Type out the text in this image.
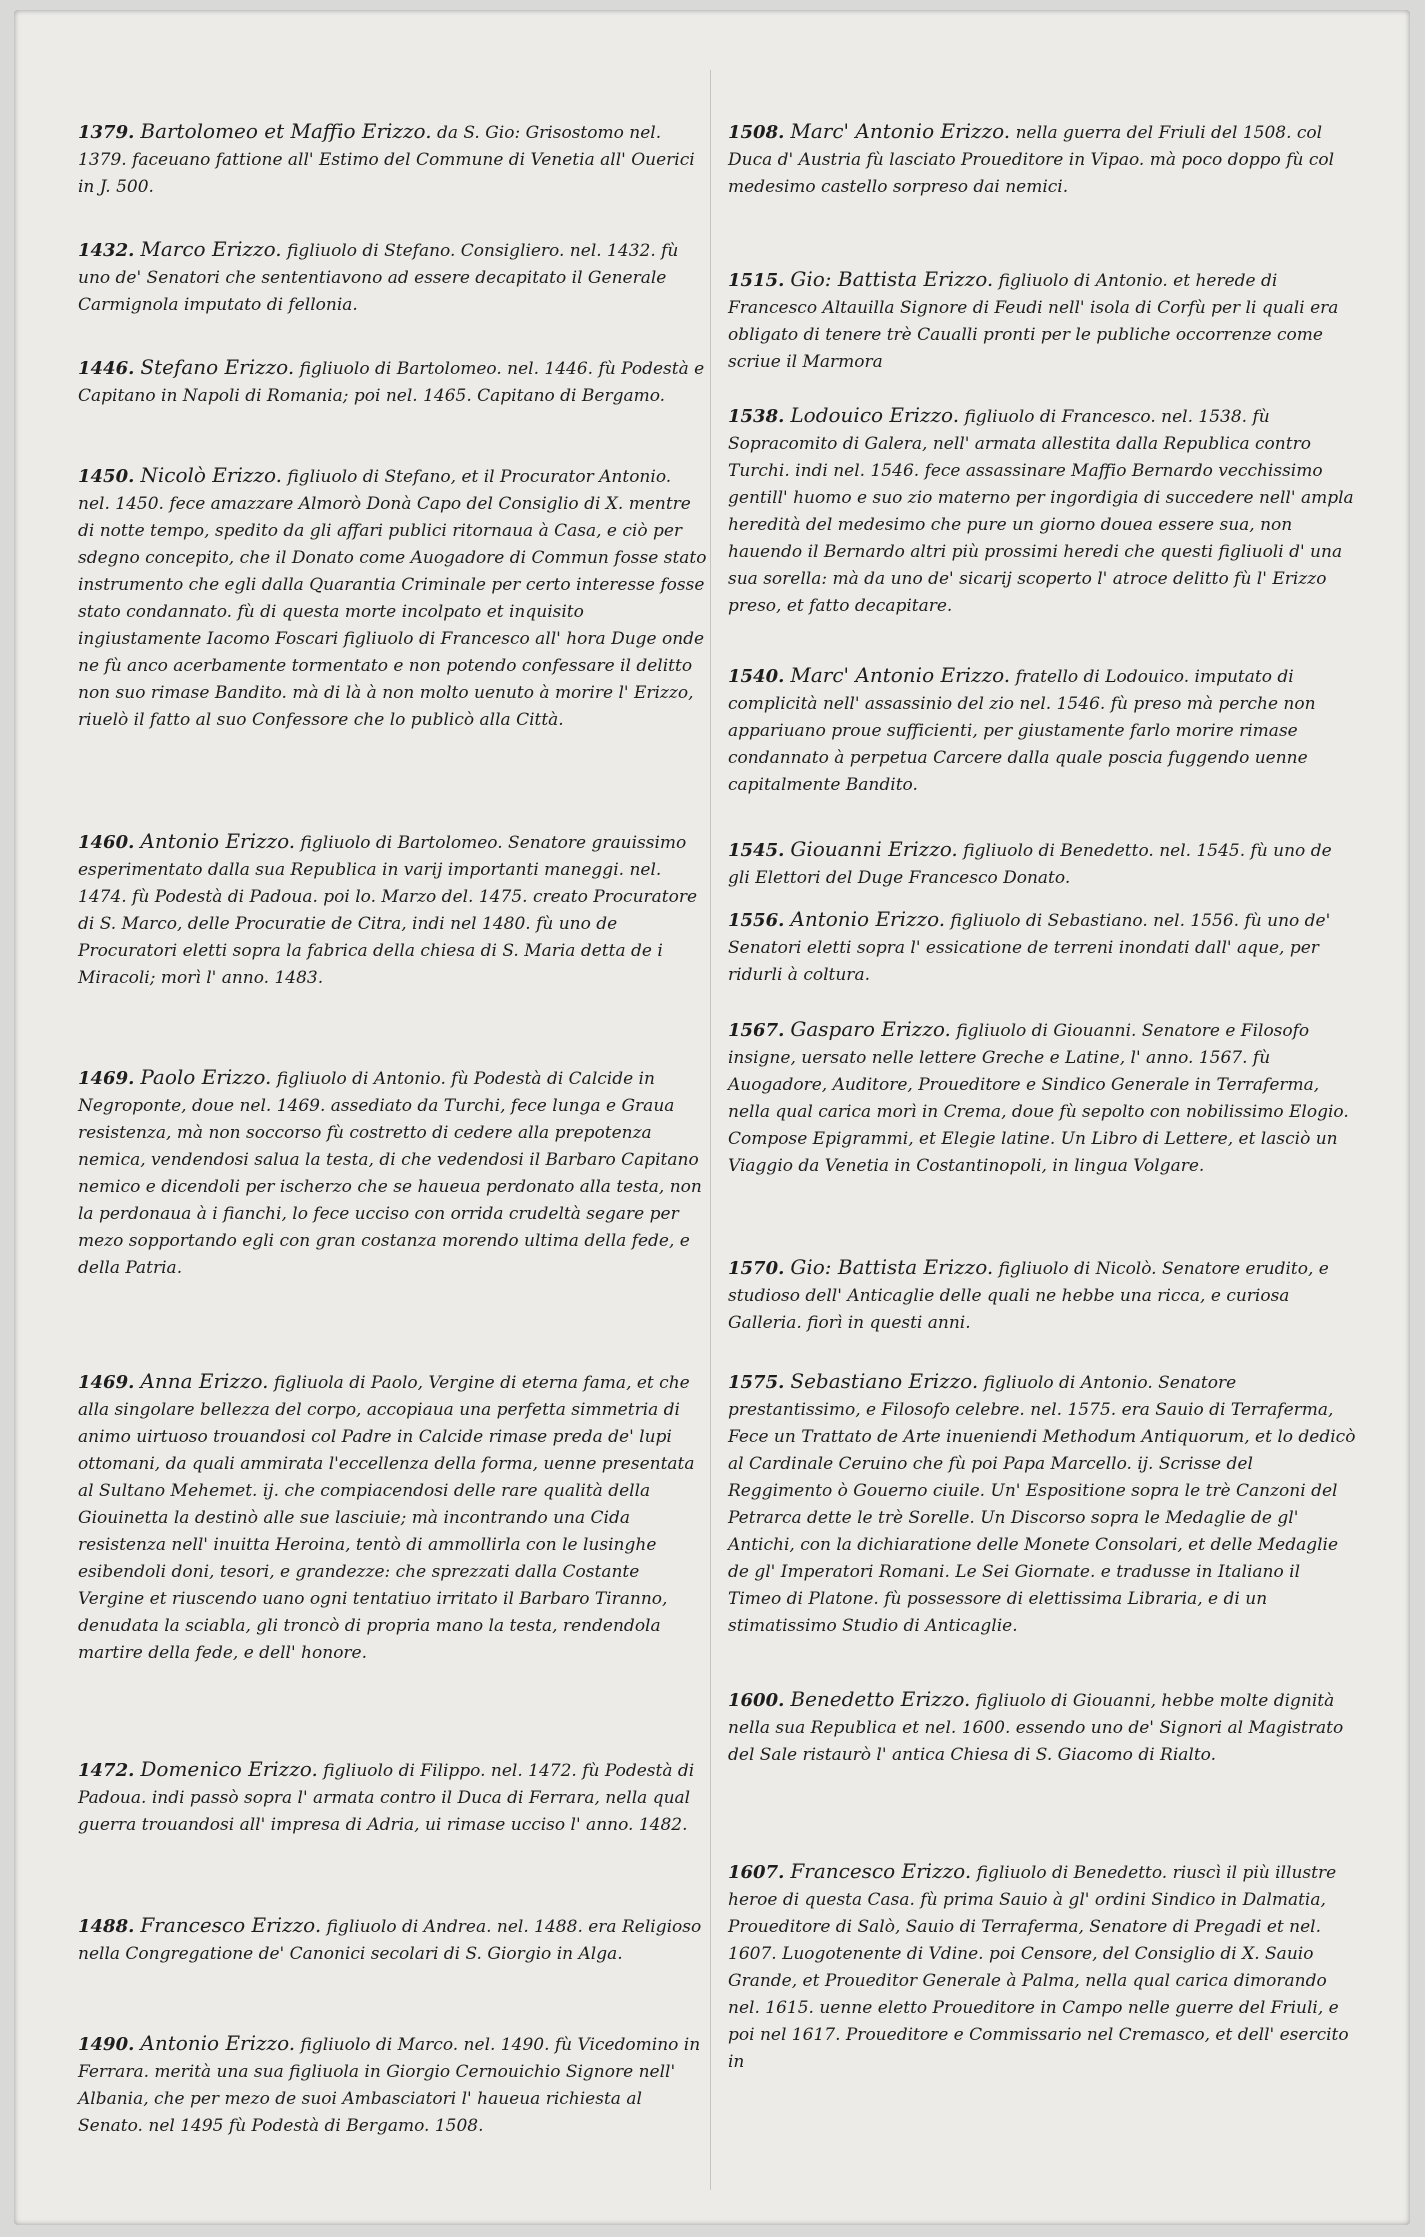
1379. Bartolomeo et Maffio Erizzo. da S. Gio: Grisostomo nel. 1379. faceuano fattione all' Estimo del Commune di Venetia all' Ouerici in J. 500.
1432. Marco Erizzo. figliuolo di Stefano. Consigliero. nel. 1432. fù uno de' Senatori che sententiavono ad essere decapitato il Generale Carmignola imputato di fellonia.
1446. Stefano Erizzo. figliuolo di Bartolomeo. nel. 1446. fù Podestà e Capitano in Napoli di Romania; poi nel. 1465. Capitano di Bergamo.
1450. Nicolò Erizzo. figliuolo di Stefano, et il Procurator Antonio. nel. 1450. fece amazzare Almorò Donà Capo del Consiglio di X. mentre di notte tempo, spedito da gli affari publici ritornaua à Casa, e ciò per sdegno concepito, che il Donato come Auogadore di Commun fosse stato instrumento che egli dalla Quarantia Criminale per certo interesse fosse stato condannato. fù di questa morte incolpato et inquisito ingiustamente Iacomo Foscari figliuolo di Francesco all' hora Duge onde ne fù anco acerbamente tormentato e non potendo confessare il delitto non suo rimase Bandito. mà di là à non molto uenuto à morire l' Erizzo, riuelò il fatto al suo Confessore che lo publicò alla Città.
1460. Antonio Erizzo. figliuolo di Bartolomeo. Senatore grauissimo esperimentato dalla sua Republica in varij importanti maneggi. nel. 1474. fù Podestà di Padoua. poi lo. Marzo del. 1475. creato Procuratore di S. Marco, delle Procuratie de Citra, indi nel 1480. fù uno de Procuratori eletti sopra la fabrica della chiesa di S. Maria detta de i Miracoli; morì l' anno. 1483.
1469. Paolo Erizzo. figliuolo di Antonio. fù Podestà di Calcide in Negroponte, doue nel. 1469. assediato da Turchi, fece lunga e Graua resistenza, mà non soccorso fù costretto di cedere alla prepotenza nemica, vendendosi salua la testa, di che vedendosi il Barbaro Capitano nemico e dicendoli per ischerzo che se haueua perdonato alla testa, non la perdonaua à i fianchi, lo fece ucciso con orrida crudeltà segare per mezo sopportando egli con gran costanza morendo ultima della fede, e della Patria.
1469. Anna Erizzo. figliuola di Paolo, Vergine di eterna fama, et che alla singolare bellezza del corpo, accopiaua una perfetta simmetria di animo uirtuoso trouandosi col Padre in Calcide rimase preda de' lupi ottomani, da quali ammirata l'eccellenza della forma, uenne presentata al Sultano Mehemet. ij. che compiacendosi delle rare qualità della Giouinetta la destinò alle sue lasciuie; mà incontrando una Cida resistenza nell' inuitta Heroina, tentò di ammollirla con le lusinghe esibendoli doni, tesori, e grandezze: che sprezzati dalla Costante Vergine et riuscendo uano ogni tentatiuo irritato il Barbaro Tiranno, denudata la sciabla, gli troncò di propria mano la testa, rendendola martire della fede, e dell' honore.
1472. Domenico Erizzo. figliuolo di Filippo. nel. 1472. fù Podestà di Padoua. indi passò sopra l' armata contro il Duca di Ferrara, nella qual guerra trouandosi all' impresa di Adria, ui rimase ucciso l' anno. 1482.
1488. Francesco Erizzo. figliuolo di Andrea. nel. 1488. era Religioso nella Congregatione de' Canonici secolari di S. Giorgio in Alga.
1490. Antonio Erizzo. figliuolo di Marco. nel. 1490. fù Vicedomino in Ferrara. merità una sua figliuola in Giorgio Cernouichio Signore nell' Albania, che per mezo de suoi Ambasciatori l' haueua richiesta al Senato. nel 1495 fù Podestà di Bergamo. 1508.
1508. Marc' Antonio Erizzo. nella guerra del Friuli del 1508. col Duca d' Austria fù lasciato Proueditore in Vipao. mà poco doppo fù col medesimo castello sorpreso dai nemici.
1515. Gio: Battista Erizzo. figliuolo di Antonio. et herede di Francesco Altauilla Signore di Feudi nell' isola di Corfù per li quali era obligato di tenere trè Caualli pronti per le publiche occorrenze come scriue il Marmora
1538. Lodouico Erizzo. figliuolo di Francesco. nel. 1538. fù Sopracomito di Galera, nell' armata allestita dalla Republica contro Turchi. indi nel. 1546. fece assassinare Maffio Bernardo vecchissimo gentill' huomo e suo zio materno per ingordigia di succedere nell' ampla heredità del medesimo che pure un giorno douea essere sua, non hauendo il Bernardo altri più prossimi heredi che questi figliuoli d' una sua sorella: mà da uno de' sicarij scoperto l' atroce delitto fù l' Erizzo preso, et fatto decapitare.
1540. Marc' Antonio Erizzo. fratello di Lodouico. imputato di complicità nell' assassinio del zio nel. 1546. fù preso mà perche non appariuano proue sufficienti, per giustamente farlo morire rimase condannato à perpetua Carcere dalla quale poscia fuggendo uenne capitalmente Bandito.
1545. Giouanni Erizzo. figliuolo di Benedetto. nel. 1545. fù uno de gli Elettori del Duge Francesco Donato.
1556. Antonio Erizzo. figliuolo di Sebastiano. nel. 1556. fù uno de' Senatori eletti sopra l' essicatione de terreni inondati dall' aque, per ridurli à coltura.
1567. Gasparo Erizzo. figliuolo di Giouanni. Senatore e Filosofo insigne, uersato nelle lettere Greche e Latine, l' anno. 1567. fù Auogadore, Auditore, Proueditore e Sindico Generale in Terraferma, nella qual carica morì in Crema, doue fù sepolto con nobilissimo Elogio. Compose Epigrammi, et Elegie latine. Un Libro di Lettere, et lasciò un Viaggio da Venetia in Costantinopoli, in lingua Volgare.
1570. Gio: Battista Erizzo. figliuolo di Nicolò. Senatore erudito, e studioso dell' Anticaglie delle quali ne hebbe una ricca, e curiosa Galleria. fiorì in questi anni.
1575. Sebastiano Erizzo. figliuolo di Antonio. Senatore prestantissimo, e Filosofo celebre. nel. 1575. era Sauio di Terraferma, Fece un Trattato de Arte inueniendi Methodum Antiquorum, et lo dedicò al Cardinale Ceruino che fù poi Papa Marcello. ij. Scrisse del Reggimento ò Gouerno ciuile. Un' Espositione sopra le trè Canzoni del Petrarca dette le trè Sorelle. Un Discorso sopra le Medaglie de gl' Antichi, con la dichiaratione delle Monete Consolari, et delle Medaglie de gl' Imperatori Romani. Le Sei Giornate. e tradusse in Italiano il Timeo di Platone. fù possessore di elettissima Libraria, e di un stimatissimo Studio di Anticaglie.
1600. Benedetto Erizzo. figliuolo di Giouanni, hebbe molte dignità nella sua Republica et nel. 1600. essendo uno de' Signori al Magistrato del Sale ristaurò l' antica Chiesa di S. Giacomo di Rialto.
1607. Francesco Erizzo. figliuolo di Benedetto. riuscì il più illustre heroe di questa Casa. fù prima Sauio à gl' ordini Sindico in Dalmatia, Proueditore di Salò, Sauio di Terraferma, Senatore di Pregadi et nel. 1607. Luogotenente di Vdine. poi Censore, del Consiglio di X. Sauio Grande, et Proueditor Generale à Palma, nella qual carica dimorando nel. 1615. uenne eletto Proueditore in Campo nelle guerre del Friuli, e poi nel 1617. Proueditore e Commissario nel Cremasco, et dell' esercito in
